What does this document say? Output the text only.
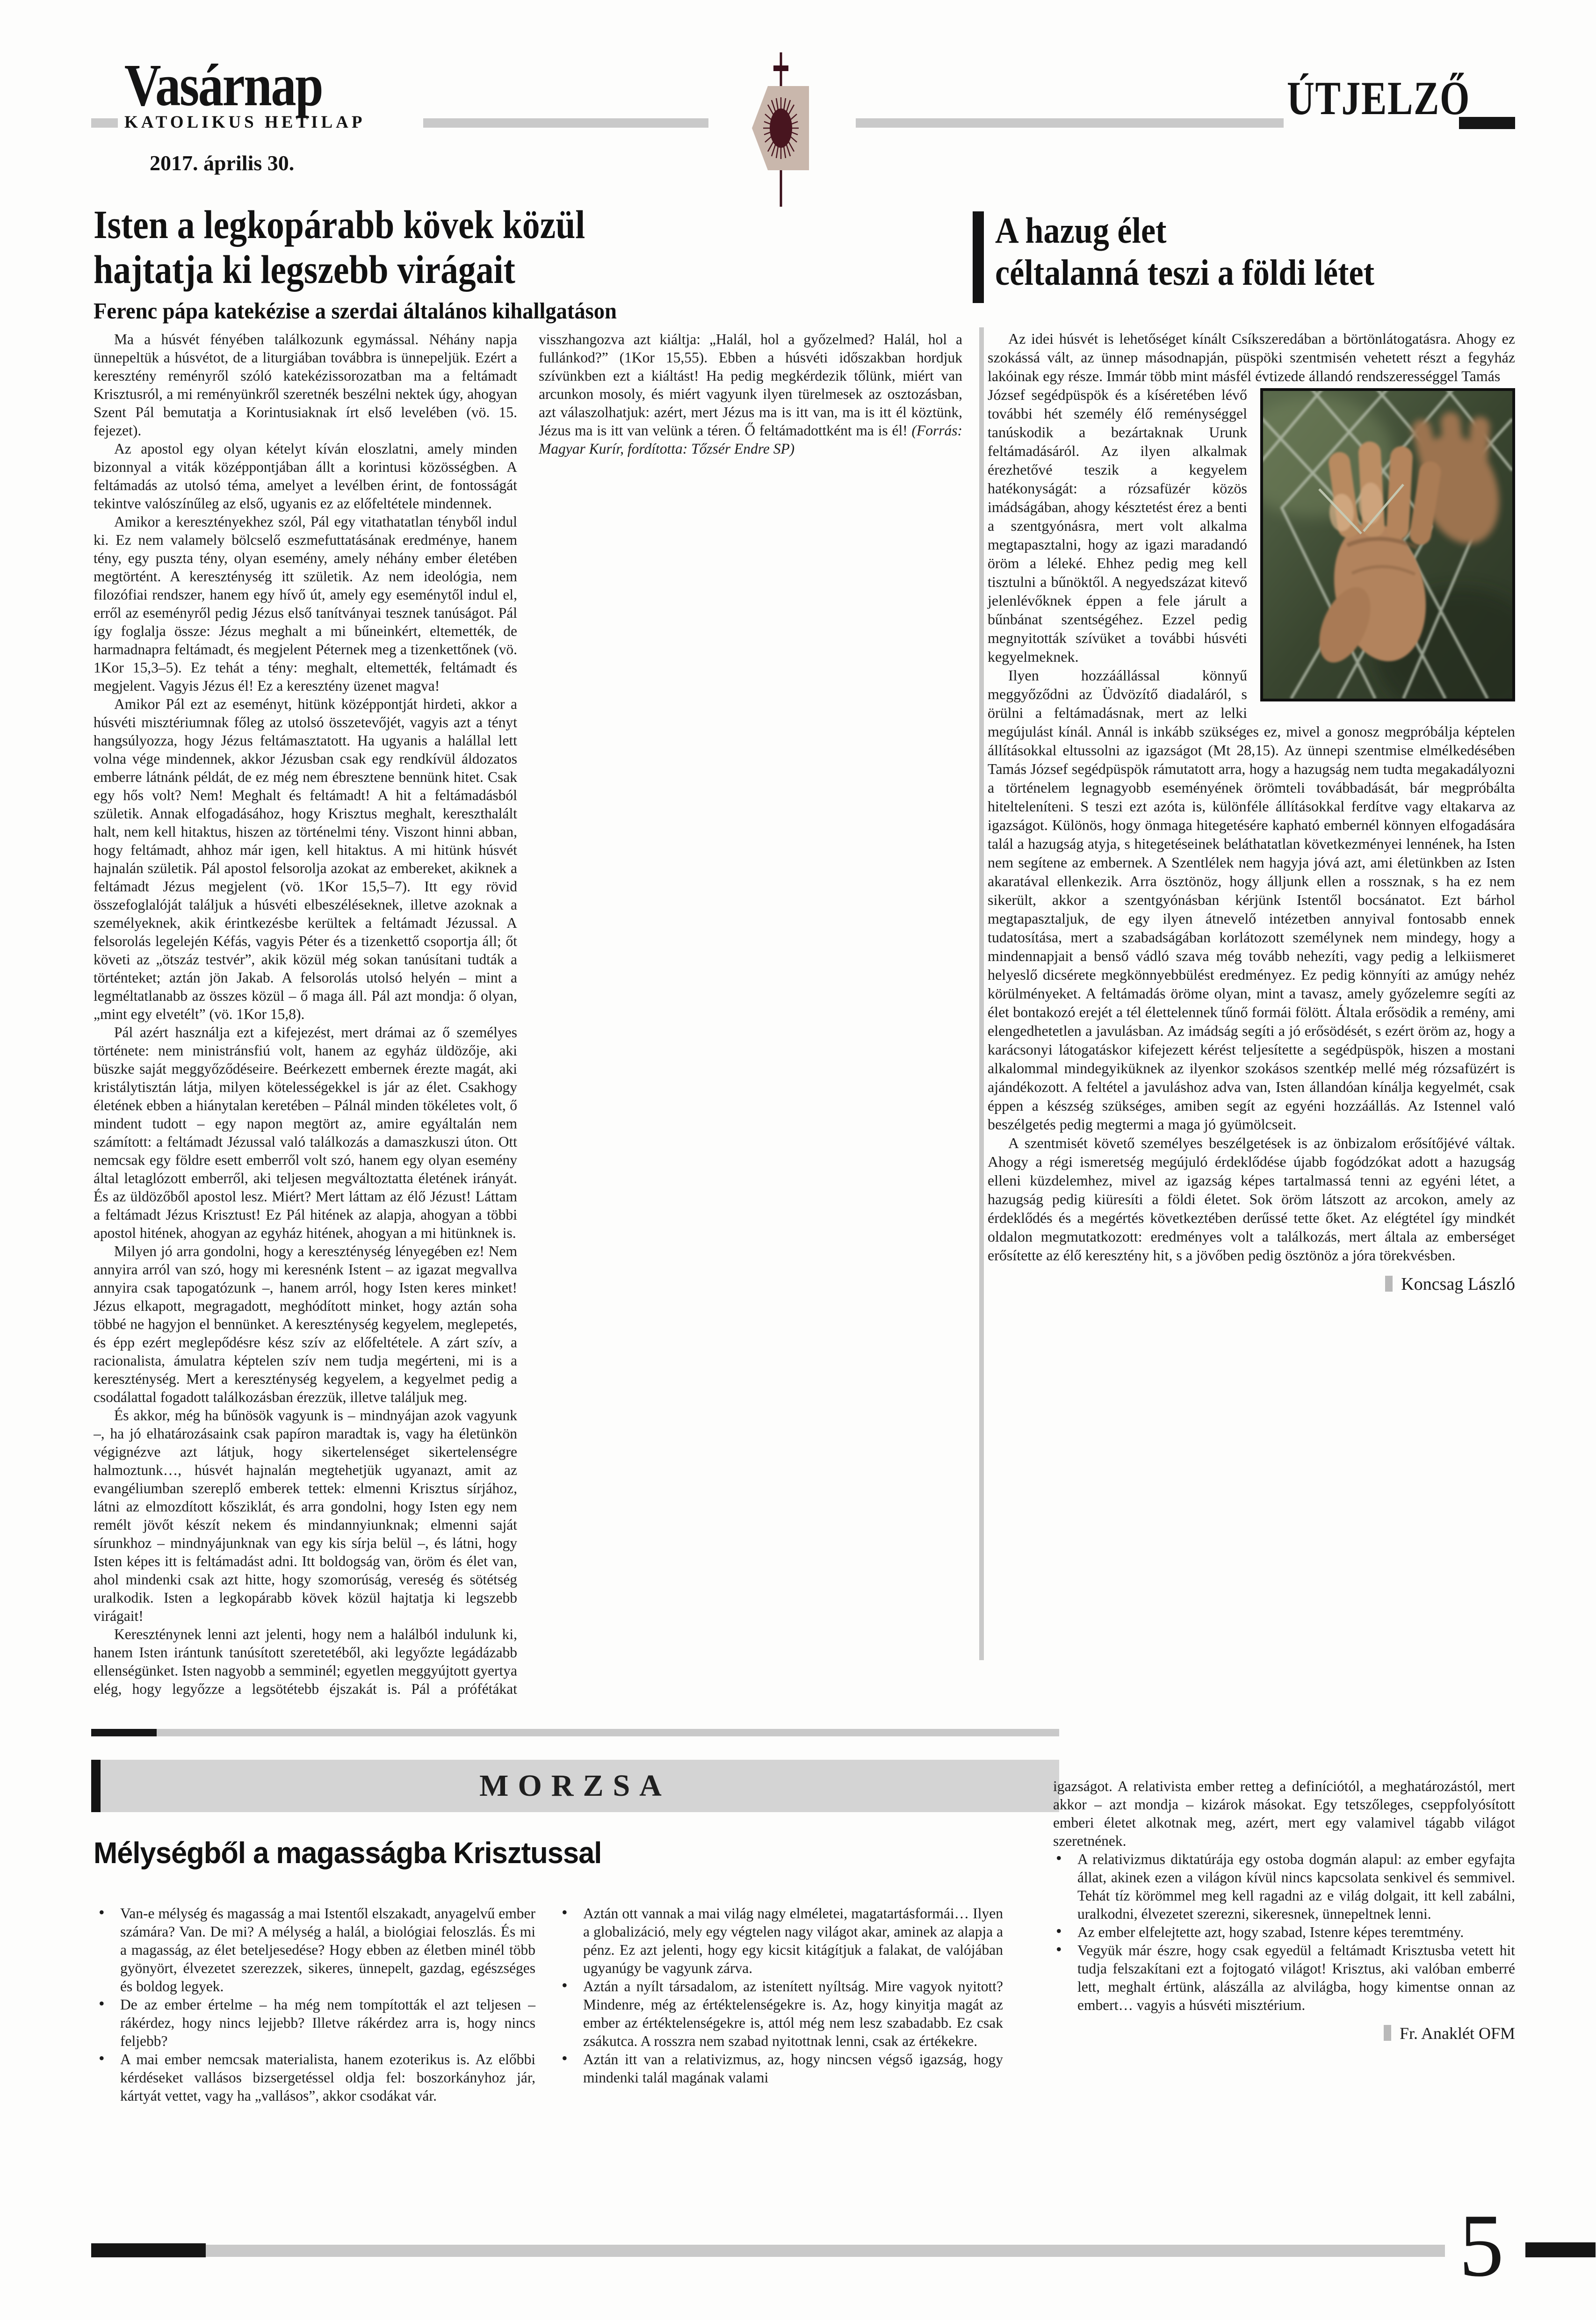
Vasárnap
KATOLIKUS HETILAP
2017. április 30.
ÚTJELZŐ
Isten a legkopárabb kövek közül
hajtatja ki legszebb virágait
Ferenc pápa katekézise a szerdai általános kihallgatáson

Ma a húsvét fényében találkozunk egymással. Néhány napja ünnepeltük a húsvétot, de a liturgiában továbbra is ünnepeljük. Ezért a keresztény reményről szóló katekézissorozatban ma a feltámadt Krisztusról, a mi reményünkről szeretnék beszélni nektek úgy, ahogyan Szent Pál bemutatja a Korintusiaknak írt első levelében (vö. 15. fejezet).

Az apostol egy olyan kételyt kíván eloszlatni, amely minden bizonnyal a viták középpontjában állt a korintusi közösségben. A feltámadás az utolsó téma, amelyet a levélben érint, de fontosságát tekintve valószínűleg az első, ugyanis ez az előfeltétele mindennek.

Amikor a keresztényekhez szól, Pál egy vitathatatlan tényből indul ki. Ez nem valamely bölcselő eszmefuttatásának eredménye, hanem tény, egy puszta tény, olyan esemény, amely néhány ember életében megtörtént. A kereszténység itt születik. Az nem ideológia, nem filozófiai rendszer, hanem egy hívő út, amely egy eseménytől indul el, erről az eseményről pedig Jézus első tanítványai tesznek tanúságot. Pál így foglalja össze: Jézus meghalt a mi bűneinkért, eltemették, de harmadnapra feltámadt, és megjelent Péternek meg a tizenkettőnek (vö. 1Kor 15,3–5). Ez tehát a tény: meghalt, eltemették, feltámadt és megjelent. Vagyis Jézus él! Ez a keresztény üzenet magva!

Amikor Pál ezt az eseményt, hitünk középpontját hirdeti, akkor a húsvéti misztériumnak főleg az utolsó összetevőjét, vagyis azt a tényt hangsúlyozza, hogy Jézus feltámasztatott. Ha ugyanis a halállal lett volna vége mindennek, akkor Jézusban csak egy rendkívül áldozatos emberre látnánk példát, de ez még nem ébresztene bennünk hitet. Csak egy hős volt? Nem! Meghalt és feltámadt! A hit a feltámadásból születik. Annak elfogadásához, hogy Krisztus meghalt, kereszthalált halt, nem kell hitaktus, hiszen az történelmi tény. Viszont hinni abban, hogy feltámadt, ahhoz már igen, kell hitaktus. A mi hitünk húsvét hajnalán születik. Pál apostol felsorolja azokat az embereket, akiknek a feltámadt Jézus megjelent (vö. 1Kor 15,5–7). Itt egy rövid összefoglalóját találjuk a húsvéti elbeszéléseknek, illetve azoknak a személyeknek, akik érintkezésbe kerültek a feltámadt Jézussal. A felsorolás legelején Kéfás, vagyis Péter és a tizenkettő csoportja áll; őt követi az „ötszáz testvér”, akik közül még sokan tanúsítani tudták a történteket; aztán jön Jakab. A felsorolás utolsó helyén – mint a legméltatlanabb az összes közül – ő maga áll. Pál azt mondja: ő olyan, „mint egy elvetélt” (vö. 1Kor 15,8).

Pál azért használja ezt a kifejezést, mert drámai az ő személyes története: nem ministránsfiú volt, hanem az egyház üldözője, aki büszke saját meggyőződéseire. Beérkezett embernek érezte magát, aki kristálytisztán látja, milyen kötelességekkel is jár az élet. Csakhogy életének ebben a hiánytalan keretében – Pálnál minden tökéletes volt, ő mindent tudott – egy napon megtört az, amire egyáltalán nem számított: a feltámadt Jézussal való találkozás a damaszkuszi úton. Ott nemcsak egy földre esett emberről volt szó, hanem egy olyan esemény által letaglózott emberről, aki teljesen megváltoztatta életének irányát. És az üldözőből apostol lesz. Miért? Mert láttam az élő Jézust! Láttam a feltámadt Jézus Krisztust! Ez Pál hitének az alapja, ahogyan a többi apostol hitének, ahogyan az egyház hitének, ahogyan a mi hitünknek is.

Milyen jó arra gondolni, hogy a kereszténység lényegében ez! Nem annyira arról van szó, hogy mi keresnénk Istent – az igazat megvallva annyira csak tapogatózunk –, hanem arról, hogy Isten keres minket! Jézus elkapott, megragadott, meghódított minket, hogy aztán soha többé ne hagyjon el bennünket. A kereszténység kegyelem, meglepetés, és épp ezért meglepődésre kész szív az előfeltétele. A zárt szív, a racionalista, ámulatra képtelen szív nem tudja megérteni, mi is a kereszténység. Mert a kereszténység kegyelem, a kegyelmet pedig a csodálattal fogadott találkozásban érezzük, illetve találjuk meg.

És akkor, még ha bűnösök vagyunk is – mindnyájan azok vagyunk –, ha jó elhatározásaink csak papíron maradtak is, vagy ha életünkön végignézve azt látjuk, hogy sikertelenséget sikertelenségre halmoztunk…, húsvét hajnalán megtehetjük ugyanazt, amit az evangéliumban szereplő emberek tettek: elmenni Krisztus sírjához, látni az elmozdított kősziklát, és arra gondolni, hogy Isten egy nem remélt jövőt készít nekem és mindannyiunknak; elmenni saját sírunkhoz – mindnyájunknak van egy kis sírja belül –, és látni, hogy Isten képes itt is feltámadást adni. Itt boldogság van, öröm és élet van, ahol mindenki csak azt hitte, hogy szomorúság, vereség és sötétség uralkodik. Isten a legkopárabb kövek közül hajtatja ki legszebb virágait!

Kereszténynek lenni azt jelenti, hogy nem a halálból indulunk ki, hanem Isten irántunk tanúsított szeretetéből, aki legyőzte legádázabb ellenségünket. Isten nagyobb a semminél; egyetlen meggyújtott gyertya elég, hogy legyőzze a legsötétebb éjszakát is. Pál a prófétákat visszhangozva azt kiáltja: „Halál, hol a győzelmed? Halál, hol a fullánkod?” (1Kor 15,55). Ebben a húsvéti időszakban hordjuk szívünkben ezt a kiáltást! Ha pedig megkérdezik tőlünk, miért van arcunkon mosoly, és miért vagyunk ilyen türelmesek az osztozásban, azt válaszolhatjuk: azért, mert Jézus ma is itt van, ma is itt él köztünk, Jézus ma is itt van velünk a téren. Ő feltámadottként ma is él! (Forrás: Magyar Kurír, fordította: Tőzsér Endre SP)

A hazug élet
céltalanná teszi a földi létet

Az idei húsvét is lehetőséget kínált Csíkszeredában a börtönlátogatásra. Ahogy ez szokássá vált, az ünnep másodnapján, püspöki szentmisén vehetett részt a fegyház lakóinak egy része. Immár több mint másfél évtizede állandó rendszerességgel Tamás

József segédpüspök és a kíséretében lévő további hét személy élő reménységgel tanúskodik a bezártaknak Urunk feltámadásáról. Az ilyen alkalmak érezhetővé teszik a kegyelem hatékonyságát: a rózsafüzér közös imádságában, ahogy késztetést érez a benti a szentgyónásra, mert volt alkalma megtapasztalni, hogy az igazi maradandó öröm a léleké. Ehhez pedig meg kell tisztulni a bűnöktől. A negyedszázat kitevő jelenlévőknek éppen a fele járult a bűnbánat szentségéhez. Ezzel pedig megnyitották szívüket a további húsvéti kegyelmeknek.

Ilyen hozzáállással könnyű meggyőződni az Üdvözítő diadaláról, s örülni a feltámadásnak, mert az lelki megújulást kínál. Annál is inkább szükséges ez, mivel a gonosz megpróbálja képtelen állításokkal eltussolni az igazságot (Mt 28,15). Az ünnepi szentmise elmélkedésében Tamás József segédpüspök rámutatott arra, hogy a hazugság nem tudta megakadályozni a történelem legnagyobb eseményének örömteli továbbadását, bár megpróbálta hitelteleníteni. S teszi ezt azóta is, különféle állításokkal ferdítve vagy eltakarva az igazságot. Különös, hogy önmaga hitegetésére kapható embernél könnyen elfogadására talál a hazugság atyja, s hitegetéseinek beláthatatlan következményei lennének, ha Isten nem segítene az embernek. A Szentlélek nem hagyja jóvá azt, ami életünkben az Isten akaratával ellenkezik. Arra ösztönöz, hogy álljunk ellen a rossznak, s ha ez nem sikerült, akkor a szentgyónásban kérjünk Istentől bocsánatot. Ezt bárhol megtapasztaljuk, de egy ilyen átnevelő intézetben annyival fontosabb ennek tudatosítása, mert a szabadságában korlátozott személynek nem mindegy, hogy a mindennapjait a benső vádló szava még tovább nehezíti, vagy pedig a lelkiismeret helyeslő dicsérete megkönnyebbülést eredményez. Ez pedig könnyíti az amúgy nehéz körülményeket. A feltámadás öröme olyan, mint a tavasz, amely győzelemre segíti az élet bontakozó erejét a tél élettelennek tűnő formái fölött. Általa erősödik a remény, ami elengedhetetlen a javulásban. Az imádság segíti a jó erősödését, s ezért öröm az, hogy a karácsonyi látogatáskor kifejezett kérést teljesítette a segédpüspök, hiszen a mostani alkalommal mindegyiküknek az ilyenkor szokásos szentkép mellé még rózsafüzért is ajándékozott. A feltétel a javuláshoz adva van, Isten állandóan kínálja kegyelmét, csak éppen a készség szükséges, amiben segít az egyéni hozzáállás. Az Istennel való beszélgetés pedig megtermi a maga jó gyümölcseit.

A szentmisét követő személyes beszélgetések is az önbizalom erősítőjévé váltak. Ahogy a régi ismeretség megújuló érdeklődése újabb fogódzókat adott a hazugság elleni küzdelemhez, mivel az igazság képes tartalmassá tenni az egyéni létet, a hazugság pedig kiüresíti a földi életet. Sok öröm látszott az arcokon, amely az érdeklődés és a megértés következtében derűssé tette őket. Az elégtétel így mindkét oldalon megmutatkozott: eredményes volt a találkozás, mert általa az emberséget erősítette az élő keresztény hit, s a jövőben pedig ösztönöz a jóra törekvésben.

Koncsag László
MORZSA
Mélységből a magasságba Krisztussal
• Van-e mélység és magasság a mai Istentől elszakadt, anyagelvű ember számára? Van. De mi? A mélység a halál, a biológiai feloszlás. És mi a magasság, az élet beteljesedése? Hogy ebben az életben minél több gyönyört, élvezetet szerezzek, sikeres, ünnepelt, gazdag, egészséges és boldog legyek.
• De az ember értelme – ha még nem tompították el azt teljesen – rákérdez, hogy nincs lejjebb? Illetve rákérdez arra is, hogy nincs feljebb?
• A mai ember nemcsak materialista, hanem ezoterikus is. Az előbbi kérdéseket vallásos bizsergetéssel oldja fel: boszorkányhoz jár, kártyát vettet, vagy ha „vallásos”, akkor csodákat vár.
• Aztán ott vannak a mai világ nagy elméletei, magatartásformái… Ilyen a globalizáció, mely egy végtelen nagy világot akar, aminek az alapja a pénz. Ez azt jelenti, hogy egy kicsit kitágítjuk a falakat, de valójában ugyanúgy be vagyunk zárva.
• Aztán a nyílt társadalom, az istenített nyíltság. Mire vagyok nyitott? Mindenre, még az értéktelenségekre is. Az, hogy kinyitja magát az ember az értéktelenségekre is, attól még nem lesz szabadabb. Ez csak zsákutca. A rosszra nem szabad nyitottnak lenni, csak az értékekre.
• Aztán itt van a relativizmus, az, hogy nincsen végső igazság, hogy mindenki talál magának valami

igazságot. A relativista ember retteg a definíciótól, a meghatározástól, mert akkor – azt mondja – kizárok másokat. Egy tetszőleges, cseppfolyósított emberi életet alkotnak meg, azért, mert egy valamivel tágabb világot szeretnének.

• A relativizmus diktatúrája egy ostoba dogmán alapul: az ember egyfajta állat, akinek ezen a világon kívül nincs kapcsolata senkivel és semmivel. Tehát tíz körömmel meg kell ragadni az e világ dolgait, itt kell zabálni, uralkodni, élvezetet szerezni, sikeresnek, ünnepeltnek lenni.
• Az ember elfelejtette azt, hogy szabad, Istenre képes teremtmény.
• Vegyük már észre, hogy csak egyedül a feltámadt Krisztusba vetett hit tudja felszakítani ezt a fojtogató világot! Krisztus, aki valóban emberré lett, meghalt értünk, alászálla az alvilágba, hogy kimentse onnan az embert… vagyis a húsvéti misztérium.
Fr. Anaklét OFM
5
